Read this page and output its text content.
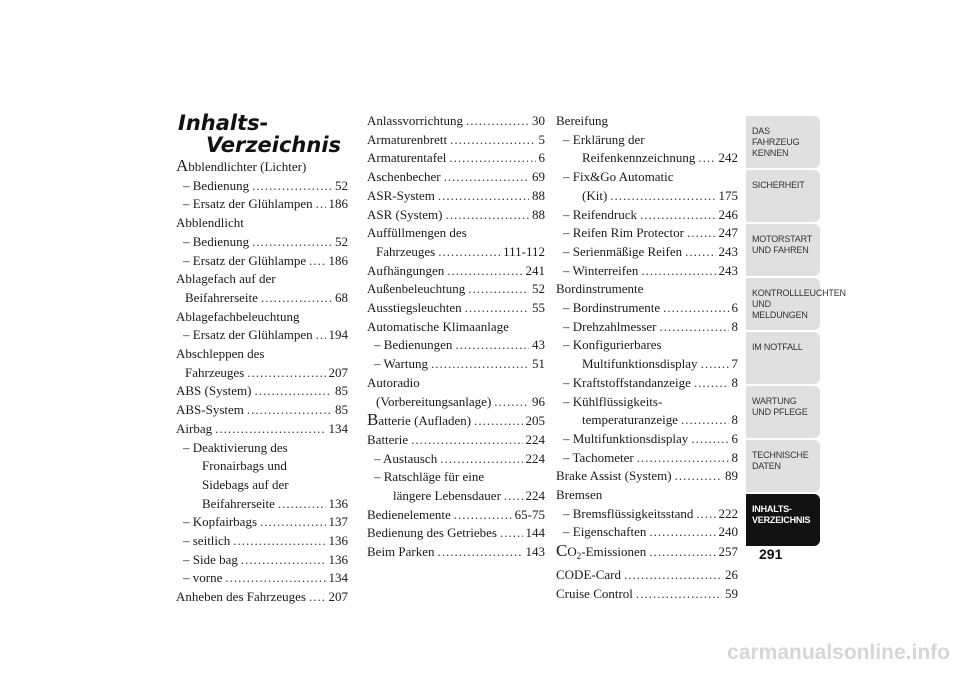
Inhalts-
Verzeichnis
Abblendlichter (Lichter)
– Bedienung .....	52
– Ersatz der Glühlampen ..... 186
Abblendlicht
– Bedienung .....	52
– Ersatz der Glühlampe ..... 186
Ablagefach auf der
Beifahrerseite .....	68
Ablagefachbeleuchtung
– Ersatz der Glühlampen ..... 194
Abschleppen des
Fahrzeuges .....	207
ABS (System) .....	85
ABS-System .....	85
Airbag .....	134
– Deaktivierung des
Fronairbags und
Sidebags auf der
Beifahrerseite .....	136
– Kopfairbags .....	137
– seitlich .....	136
– Side bag .....	136
– vorne .....	134
Anheben des Fahrzeuges ..... 207
Anlassvorrichtung .....	30
Armaturenbrett .....	5
Armaturentafel .....	6
Aschenbecher .....	69
ASR-System .....	88
ASR (System) .....	88
Auffüllmengen des
Fahrzeuges .....	111-112
Aufhängungen .....	241
Außenbeleuchtung .....	52
Ausstiegsleuchten .....	55
Automatische Klimaanlage
– Bedienungen .....	43
– Wartung .....	51
Autoradio
(Vorbereitungsanlage) .....	96
Batterie (Aufladen) .....	205
Batterie .....	224
– Austausch .....	224
– Ratschläge für eine
längere Lebensdauer ..... 224
Bedienelemente .....	65-75
Bedienung des Getriebes ..... 144
Beim Parken .....	143
Bereifung
– Erklärung der
Reifenkennzeichnung ..... 242
– Fix&Go Automatic
(Kit) .....	175
– Reifendruck .....	246
– Reifen Rim Protector .....	247
– Serienmäßige Reifen .....	243
– Winterreifen .....	243
Bordinstrumente
– Bordinstrumente .....	6
– Drehzahlmesser .....	8
– Konfigurierbares
Multifunktionsdisplay .....	7
– Kraftstoffstandanzeige .....	8
– Kühlflüssigkeits-
temperaturanzeige .....	8
– Multifunktionsdisplay .....	6
– Tachometer .....	8
Brake Assist (System) .....	89
Bremsen
– Bremsflüssigkeitsstand ..... 222
– Eigenschaften .....	240
$CO_2$-Emissionen .....	257
CODE-Card .....	26
Cruise Control .....	59
DAS FAHRZEUG KENNEN
SICHERHEIT
MOTORSTART UND FAHREN
KONTROLLLEUCHTEN UND MELDUNGEN
IM NOTFALL
WARTUNG UND PFLEGE
TECHNISCHE DATEN
INHALTS-VERZEICHNIS
291
carmanualsonline.info
